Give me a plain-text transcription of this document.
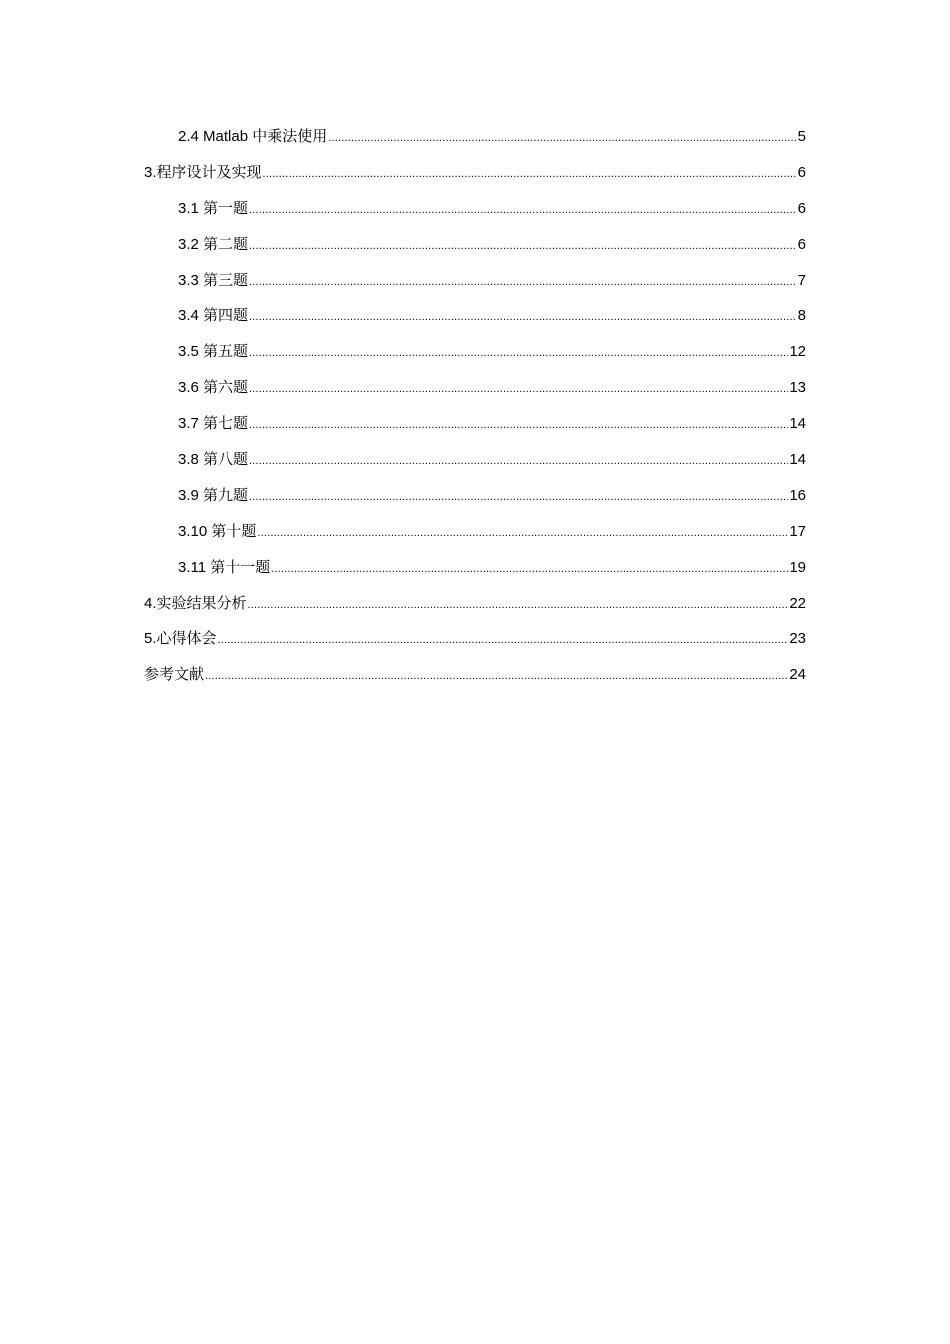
2.4 Matlab 中乘法使用 .....	5
3.程序设计及实现 .....	6
3.1 第一题 .....	6
3.2 第二题 .....	6
3.3 第三题 .....	7
3.4 第四题 .....	8
3.5 第五题 .....	12
3.6 第六题 .....	13
3.7 第七题 .....	14
3.8 第八题 .....	14
3.9 第九题 .....	16
3.10 第十题 .....	17
3.11 第十一题 .....	19
4.实验结果分析 .....	22
5.心得体会 .....	23
参考文献 .....	24
